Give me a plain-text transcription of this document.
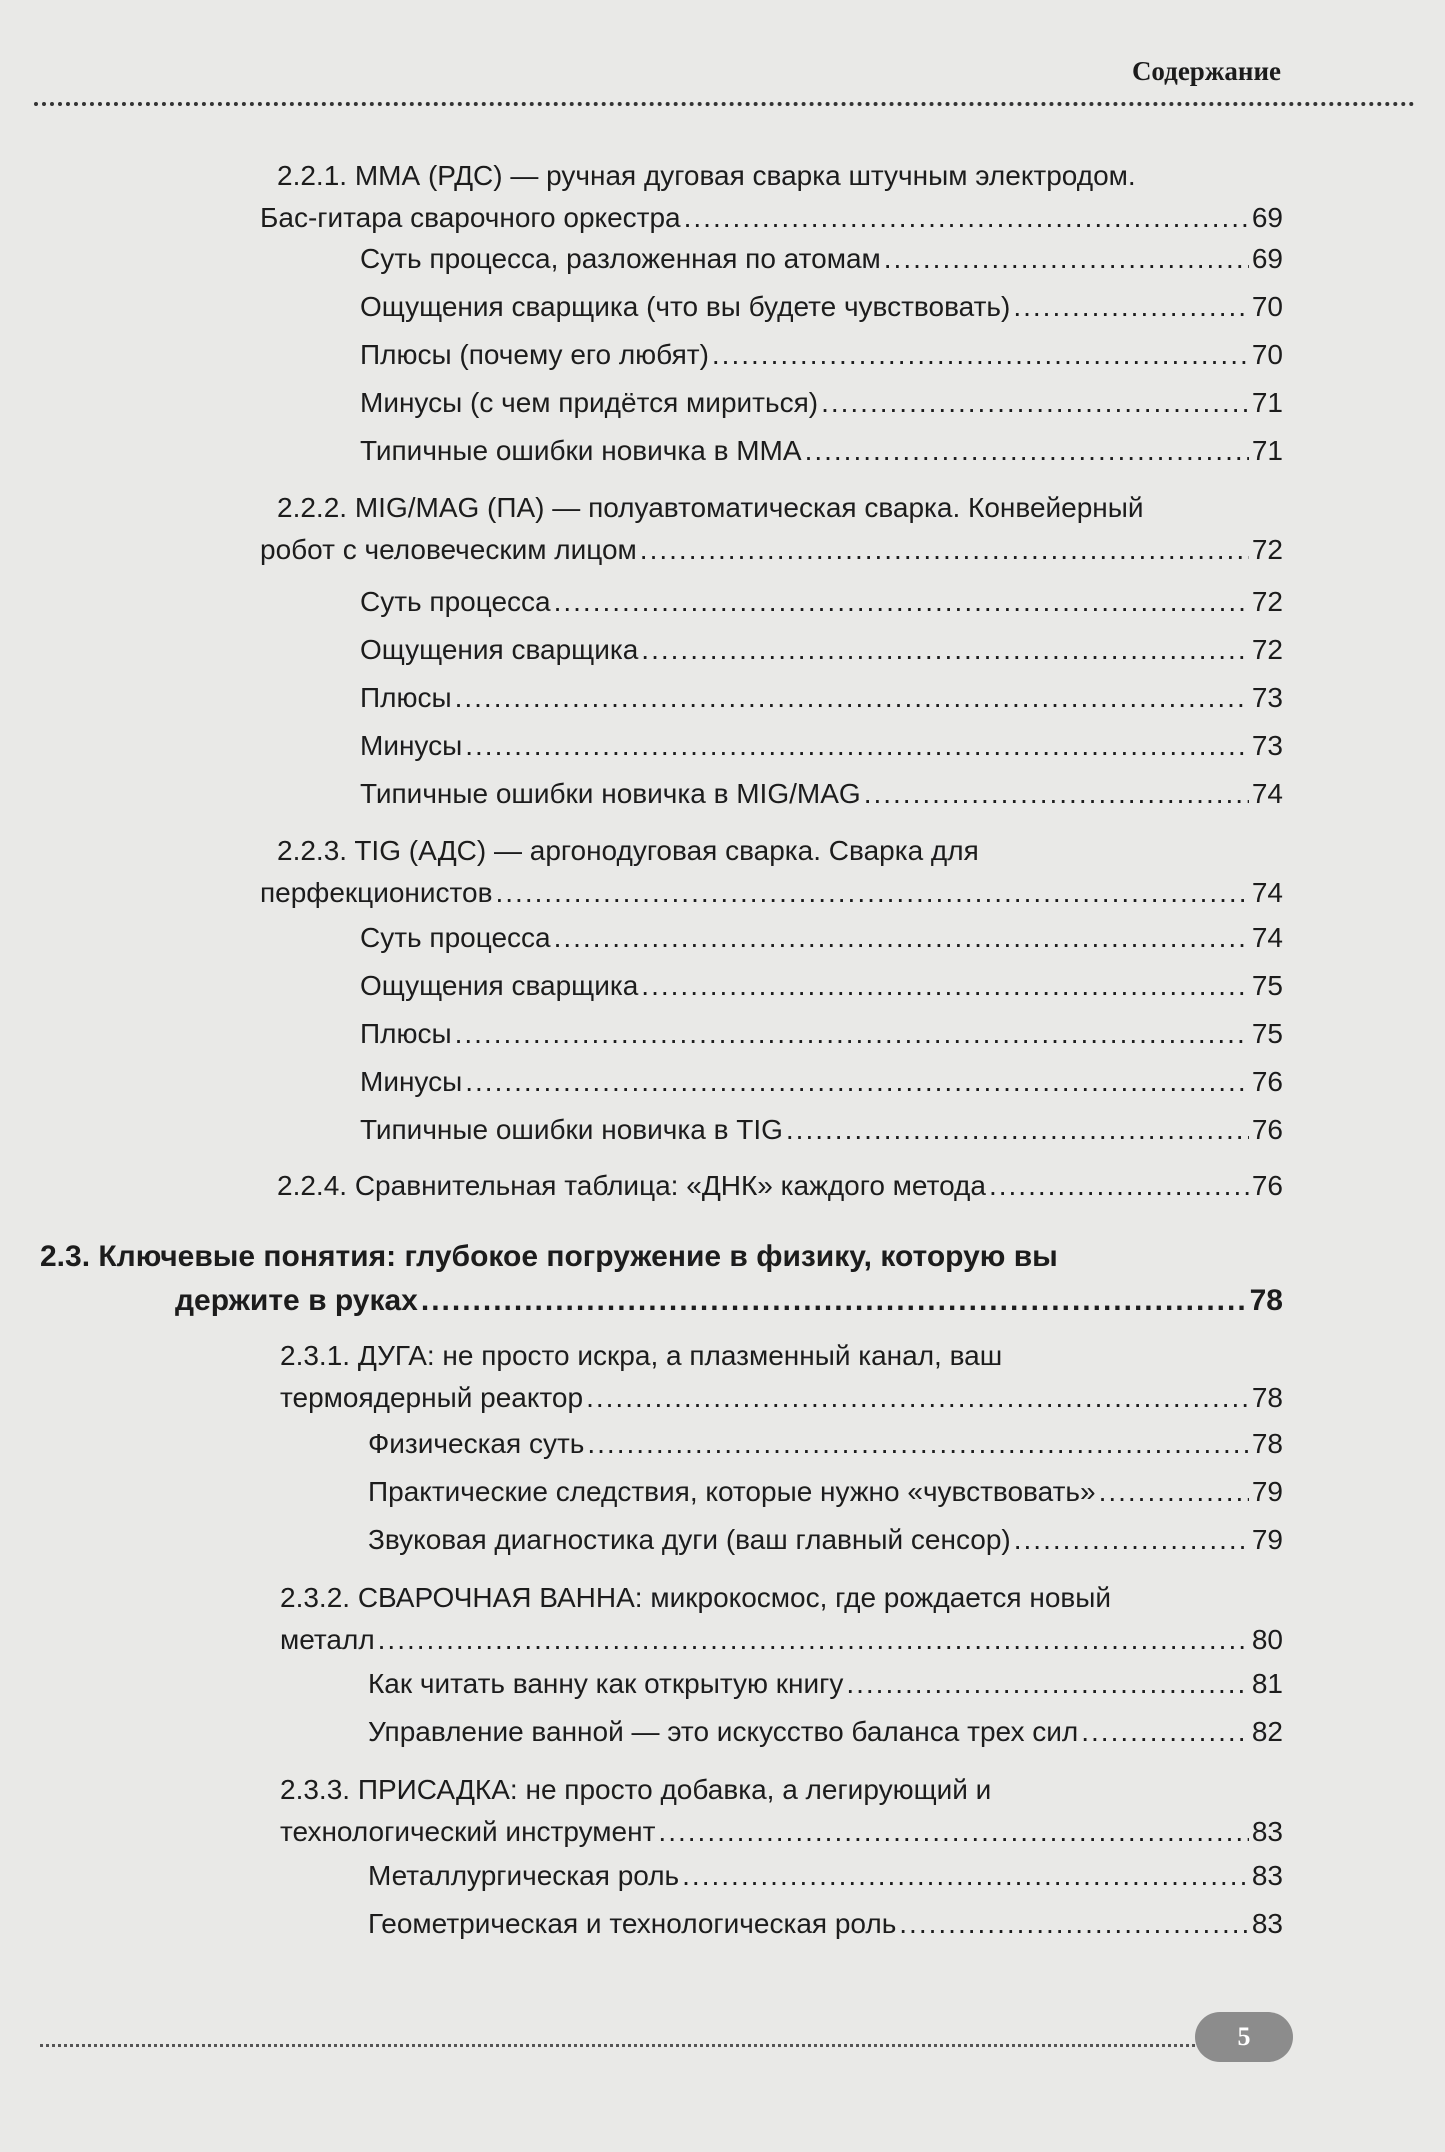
Содержание
2.2.1. ММА (РДС) — ручная дуговая сварка штучным электродом.
Бас-гитара сварочного оркестра .....	69
Суть процесса, разложенная по атомам .....	69
Ощущения сварщика (что вы будете чувствовать) .....	70
Плюсы (почему его любят) .....	70
Минусы (с чем придётся мириться) .....	71
Типичные ошибки новичка в ММА .....	71
2.2.2. MIG/MAG (ПА) — полуавтоматическая сварка. Конвейерный
робот с человеческим лицом .....	72
Суть процесса .....	72
Ощущения сварщика .....	72
Плюсы .....	73
Минусы .....	73
Типичные ошибки новичка в MIG/MAG .....	74
2.2.3. TIG (АДС) — аргонодуговая сварка. Сварка для
перфекционистов .....	74
Суть процесса .....	74
Ощущения сварщика .....	75
Плюсы .....	75
Минусы .....	76
Типичные ошибки новичка в TIG .....	76
2.2.4. Сравнительная таблица: «ДНК» каждого метода .....	76
2.3. Ключевые понятия: глубокое погружение в физику, которую вы
держите в руках .....	78
2.3.1. ДУГА: не просто искра, а плазменный канал, ваш
термоядерный реактор .....	78
Физическая суть .....	78
Практические следствия, которые нужно «чувствовать» .....	79
Звуковая диагностика дуги (ваш главный сенсор) .....	79
2.3.2. СВАРОЧНАЯ ВАННА: микрокосмос, где рождается новый
металл .....	80
Как читать ванну как открытую книгу .....	81
Управление ванной — это искусство баланса трех сил .....	82
2.3.3. ПРИСАДКА: не просто добавка, а легирующий и
технологический инструмент .....	83
Металлургическая роль .....	83
Геометрическая и технологическая роль .....	83
5
